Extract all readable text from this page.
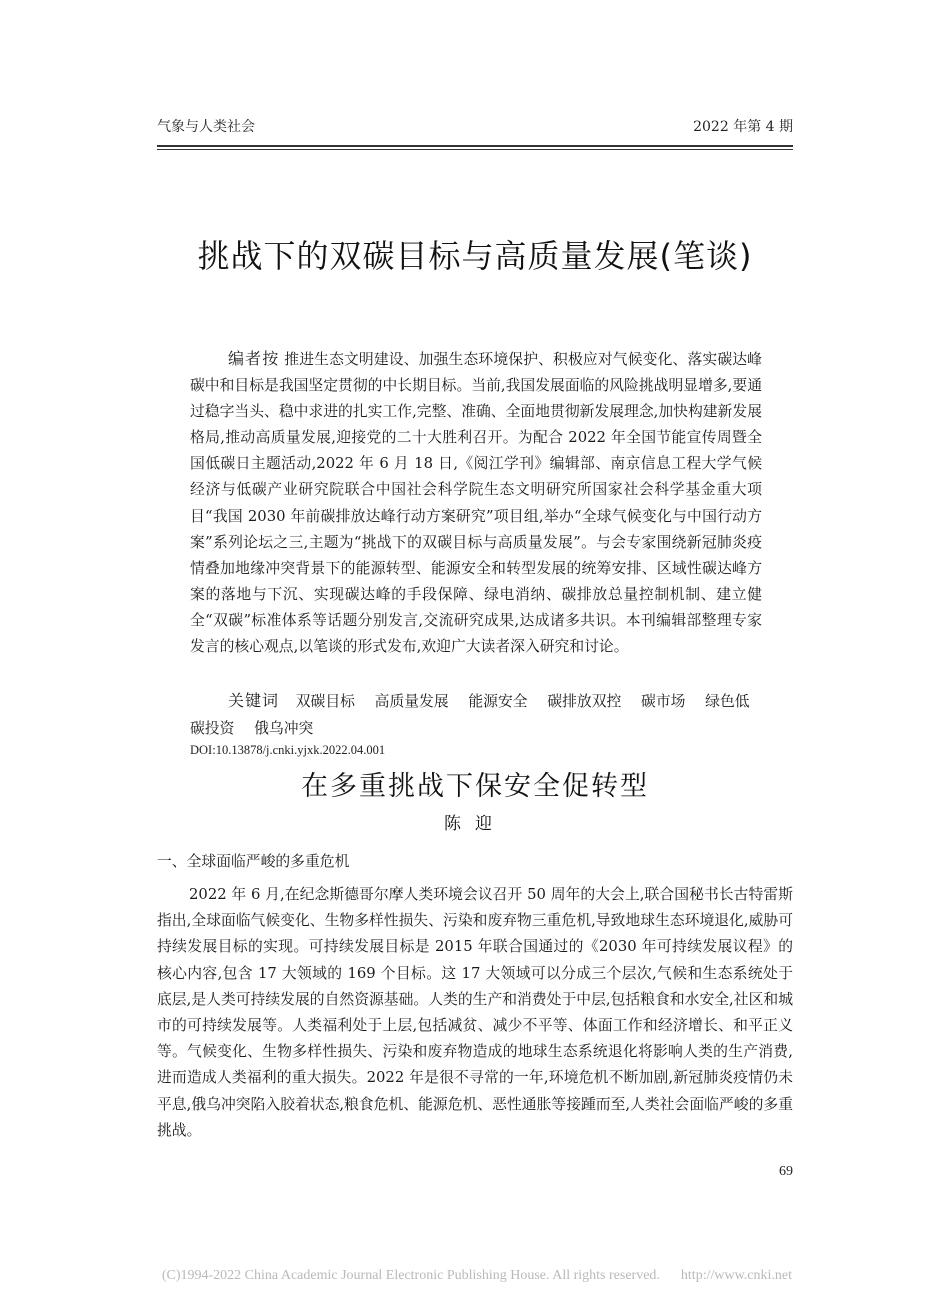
气象与人类社会	2022 年第 4 期
挑战下的双碳目标与高质量发展(笔谈)
编者按 推进生态文明建设、加强生态环境保护、积极应对气候变化、落实碳达峰碳中和目标是我国坚定贯彻的中长期目标。当前,我国发展面临的风险挑战明显增多,要通过稳字当头、稳中求进的扎实工作,完整、准确、全面地贯彻新发展理念,加快构建新发展格局,推动高质量发展,迎接党的二十大胜利召开。为配合 2022 年全国节能宣传周暨全国低碳日主题活动,2022 年 6 月 18 日,《阅江学刊》编辑部、南京信息工程大学气候经济与低碳产业研究院联合中国社会科学院生态文明研究所国家社会科学基金重大项目“我国 2030 年前碳排放达峰行动方案研究”项目组,举办“全球气候变化与中国行动方案”系列论坛之三,主题为“挑战下的双碳目标与高质量发展”。与会专家围绕新冠肺炎疫情叠加地缘冲突背景下的能源转型、能源安全和转型发展的统筹安排、区域性碳达峰方案的落地与下沉、实现碳达峰的手段保障、绿电消纳、碳排放总量控制机制、建立健全“双碳”标准体系等话题分别发言,交流研究成果,达成诸多共识。本刊编辑部整理专家发言的核心观点,以笔谈的形式发布,欢迎广大读者深入研究和讨论。
关键词 双碳目标 高质量发展 能源安全 碳排放双控 碳市场 绿色低碳投资 俄乌冲突
DOI:10.13878/j.cnki.yjxk.2022.04.001
在多重挑战下保安全促转型
陈迎
一、全球面临严峻的多重危机

2022 年 6 月,在纪念斯德哥尔摩人类环境会议召开 50 周年的大会上,联合国秘书长古特雷斯指出,全球面临气候变化、生物多样性损失、污染和废弃物三重危机,导致地球生态环境退化,威胁可持续发展目标的实现。可持续发展目标是 2015 年联合国通过的《2030 年可持续发展议程》的核心内容,包含 17 大领域的 169 个目标。这 17 大领域可以分成三个层次,气候和生态系统处于底层,是人类可持续发展的自然资源基础。人类的生产和消费处于中层,包括粮食和水安全,社区和城市的可持续发展等。人类福利处于上层,包括减贫、减少不平等、体面工作和经济增长、和平正义等。气候变化、生物多样性损失、污染和废弃物造成的地球生态系统退化将影响人类的生产消费,进而造成人类福利的重大损失。2022 年是很不寻常的一年,环境危机不断加剧,新冠肺炎疫情仍未平息,俄乌冲突陷入胶着状态,粮食危机、能源危机、恶性通胀等接踵而至,人类社会面临严峻的多重挑战。

69
(C)1994-2022 China Academic Journal Electronic Publishing House. All rights reserved. http://www.cnki.net
